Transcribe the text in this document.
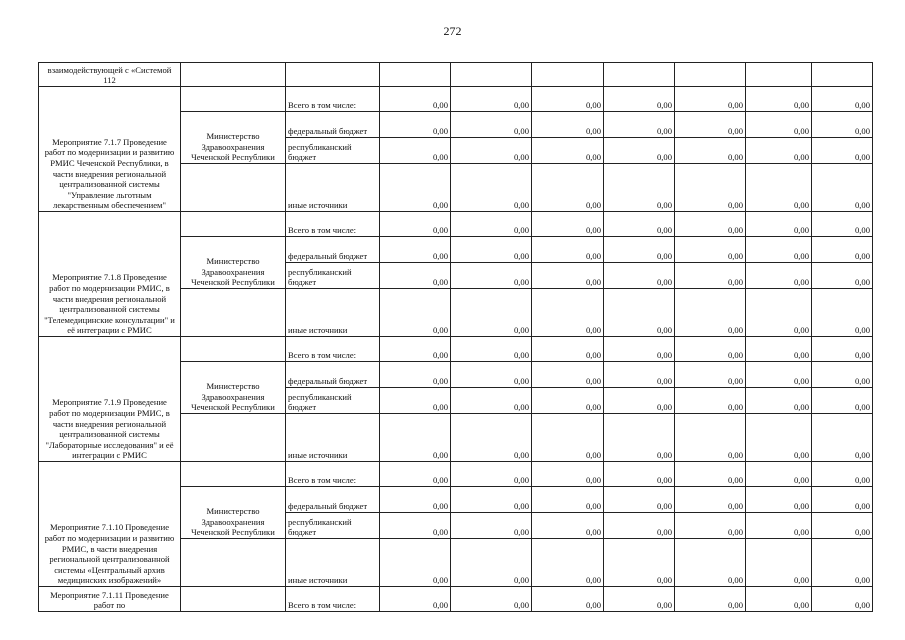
272
взаимодействующей с «Системой 112									
Мероприятие 7.1.7 Проведение работ по модернизации и развитию РМИС Чеченской Республики, в части внедрения региональной централизованной системы "Управление льготным лекарственным обеспечением"		Всего в том числе:	0,00	0,00	0,00	0,00	0,00	0,00	0,00
	Министерство Здравоохранения Чеченской Республики	федеральный бюджет	0,00	0,00	0,00	0,00	0,00	0,00	0,00
		республиканский бюджет	0,00	0,00	0,00	0,00	0,00	0,00	0,00
		иные источники	0,00	0,00	0,00	0,00	0,00	0,00	0,00
Мероприятие 7.1.8 Проведение работ по модернизации РМИС, в части внедрения региональной централизованной системы "Телемедицинские консультации" и её интеграции с РМИС		Всего в том числе:	0,00	0,00	0,00	0,00	0,00	0,00	0,00
	Министерство Здравоохранения Чеченской Республики	федеральный бюджет	0,00	0,00	0,00	0,00	0,00	0,00	0,00
		республиканский бюджет	0,00	0,00	0,00	0,00	0,00	0,00	0,00
		иные источники	0,00	0,00	0,00	0,00	0,00	0,00	0,00
Мероприятие 7.1.9 Проведение работ по модернизации РМИС, в части внедрения региональной централизованной системы "Лабораторные исследования" и её интеграции с РМИС		Всего в том числе:	0,00	0,00	0,00	0,00	0,00	0,00	0,00
	Министерство Здравоохранения Чеченской Республики	федеральный бюджет	0,00	0,00	0,00	0,00	0,00	0,00	0,00
		республиканский бюджет	0,00	0,00	0,00	0,00	0,00	0,00	0,00
		иные источники	0,00	0,00	0,00	0,00	0,00	0,00	0,00
Мероприятие 7.1.10 Проведение работ по модернизации и развитию РМИС, в части внедрения региональной централизованной системы «Центральный архив медицинских изображений»		Всего в том числе:	0,00	0,00	0,00	0,00	0,00	0,00	0,00
	Министерство Здравоохранения Чеченской Республики	федеральный бюджет	0,00	0,00	0,00	0,00	0,00	0,00	0,00
		республиканский бюджет	0,00	0,00	0,00	0,00	0,00	0,00	0,00
		иные источники	0,00	0,00	0,00	0,00	0,00	0,00	0,00
Мероприятие 7.1.11 Проведение работ по		Всего в том числе:	0,00	0,00	0,00	0,00	0,00	0,00	0,00
